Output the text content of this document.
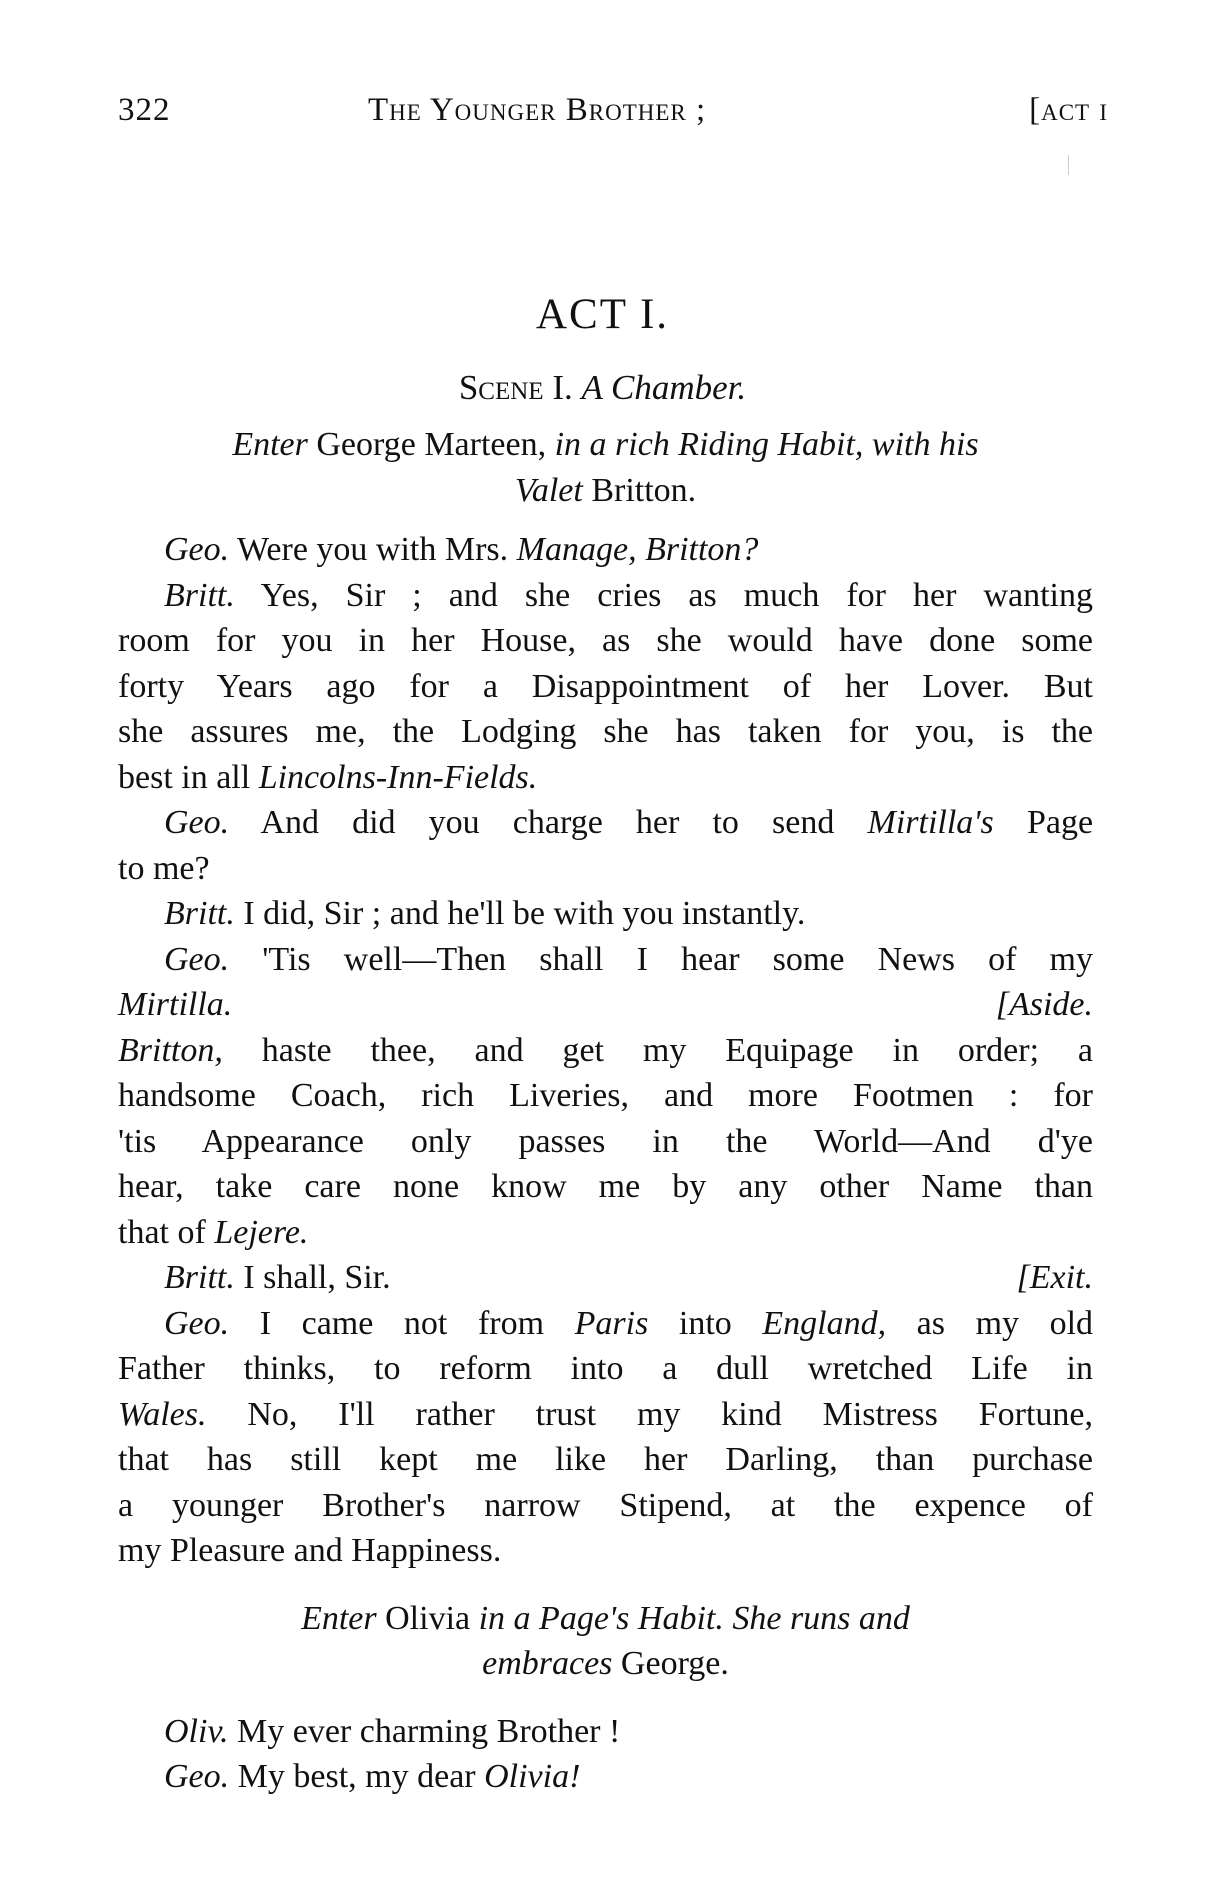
322	The Younger Brother ;	[act i
ACT I.
Scene I. A Chamber.
Enter George Marteen, in a rich Riding Habit, with his
Valet Britton.
Geo. Were you with Mrs. Manage, Britton?
Britt. Yes, Sir ; and she cries as much for her wanting
room for you in her House, as she would have done some
forty Years ago for a Disappointment of her Lover. But
she assures me, the Lodging she has taken for you, is the
best in all Lincolns-Inn-Fields.
Geo. And did you charge her to send Mirtilla's Page
to me?
Britt. I did, Sir ; and he'll be with you instantly.
Geo. 'Tis well—Then shall I hear some News of my
Mirtilla.	[Aside.
Britton, haste thee, and get my Equipage in order; a
handsome Coach, rich Liveries, and more Footmen : for
'tis Appearance only passes in the World—And d'ye
hear, take care none know me by any other Name than
that of Lejere.
Britt. I shall, Sir.	[Exit.
Geo. I came not from Paris into England, as my old
Father thinks, to reform into a dull wretched Life in
Wales. No, I'll rather trust my kind Mistress Fortune,
that has still kept me like her Darling, than purchase
a younger Brother's narrow Stipend, at the expence of
my Pleasure and Happiness.
Enter Olivia in a Page's Habit. She runs and
embraces George.
Oliv. My ever charming Brother !
Geo. My best, my dear Olivia!
